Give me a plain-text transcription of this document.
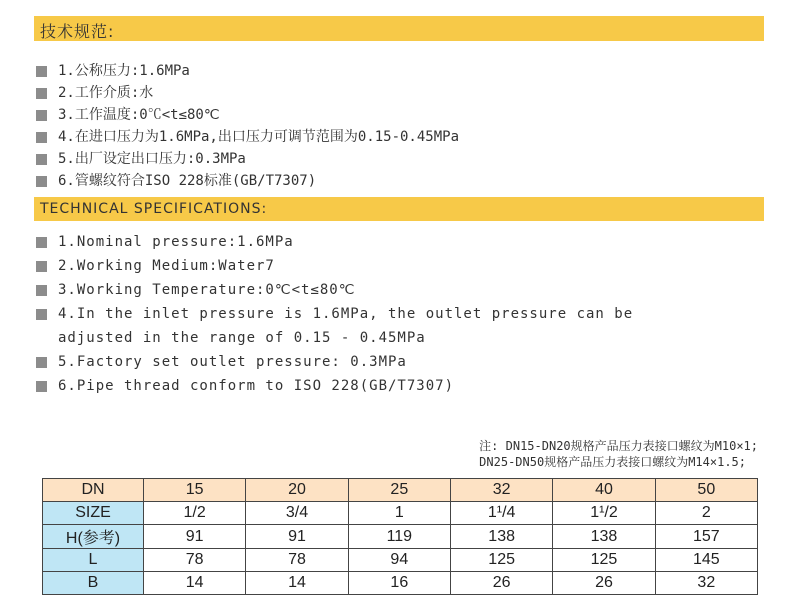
技术规范:
1.公称压力:1.6MPa
2.工作介质:水
3.工作温度:0℃<t≤80℃
4.在进口压力为1.6MPa,出口压力可调节范围为0.15-0.45MPa
5.出厂设定出口压力:0.3MPa
6.管螺纹符合ISO 228标准(GB/T7307)
TECHNICAL SPECIFICATIONS:
1.Nominal pressure:1.6MPa
2.Working Medium:Water7
3.Working Temperature:0℃<t≤80℃
4.In the inlet pressure is 1.6MPa, the outlet pressure can be
adjusted in the range of 0.15 - 0.45MPa
5.Factory set outlet pressure: 0.3MPa
6.Pipe thread conform to ISO 228(GB/T7307)
注: DN15-DN20规格产品压力表接口螺纹为M10×1;
DN25-DN50规格产品压力表接口螺纹为M14×1.5;
DN	15	20	25	32	40	50
SIZE	1/2	3/4	1	1¹/4	1¹/2	2
H(参考)	91	91	119	138	138	157
L	78	78	94	125	125	145
B	14	14	16	26	26	32
